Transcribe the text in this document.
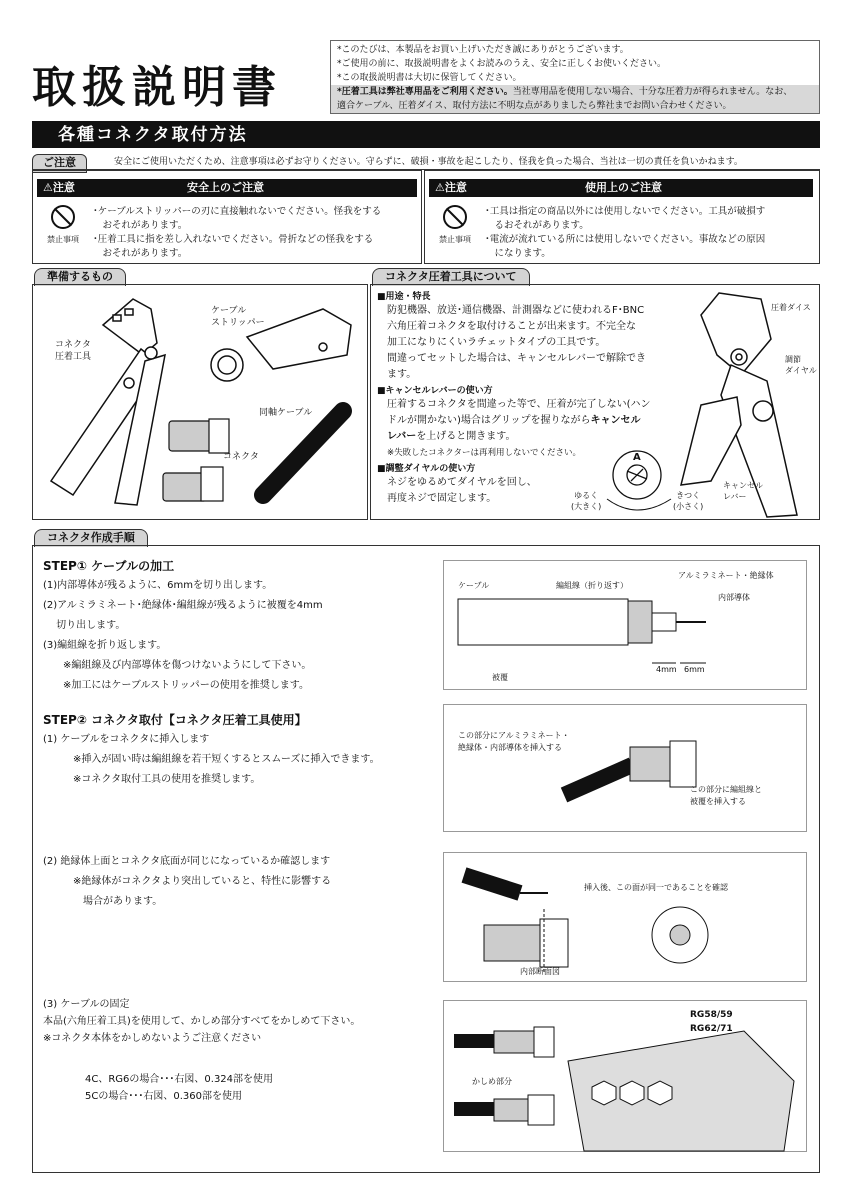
取扱説明書
*このたびは、本製品をお買い上げいただき誠にありがとうございます。
*ご使用の前に、取扱説明書をよくお読みのうえ、安全に正しくお使いください。
*この取扱説明書は大切に保管してください。
*圧着工具は弊社専用品をご利用ください。当社専用品を使用しない場合、十分な圧着力が得られません。なお、
適合ケーブル、圧着ダイス、取付方法に不明な点がありましたら弊社までお問い合わせください。
各種コネクタ取付方法
ご注意	安全にご使用いただくため、注意事項は必ずお守りください。守らずに、破損・事故を起こしたり、怪我を負った場合、当社は一切の責任を負いかねます。
⚠注意	安全上のご注意
禁止事項
･ケーブルストリッパーの刃に直接触れないでください。怪我をする
　おそれがあります。
･圧着工具に指を差し入れないでください。骨折などの怪我をする
　おそれがあります。
⚠注意	使用上のご注意
禁止事項
･工具は指定の商品以外には使用しないでください。工具が破損す
　るおそれがあります。
･電流が流れている所には使用しないでください。事故などの原因
　になります。
準備するもの
コネクタ
圧着工具
ケーブル
ストリッパー
同軸ケーブル
コネクタ
コネクタ圧着工具について
■用途・特長
防犯機器、放送･通信機器、計測器などに使われるF･BNC
六角圧着コネクタを取付けることが出来ます。不完全な
加工になりにくいラチェットタイプの工具です。
間違ってセットした場合は、キャンセルレバーで解除でき
ます。
■キャンセルレバーの使い方
圧着するコネクタを間違った等で、圧着が完了しない(ハン
ドルが開かない)場合はグリップを握りながらキャンセル
レバーを上げると開きます。
※失敗したコネクターは再利用しないでください。
■調整ダイヤルの使い方
ネジをゆるめてダイヤルを回し、
再度ネジで固定します。
圧着ダイス
調節
ダイヤル
キャンセル
レバー
ゆるく
(大きく)
きつく
(小さく)
A
コネクタ作成手順
STEP① ケーブルの加工
(1)内部導体が残るように、6mmを切り出します。
(2)アルミラミネート･絶縁体･編組線が残るように被覆を4mm
　 切り出します。
(3)編組線を折り返します。
　　※編組線及び内部導体を傷つけないようにして下さい。
　　※加工にはケーブルストリッパーの使用を推奨します。
ケーブル	編組線（折り返す）
アルミラミネート・絶縁体
内部導体
被覆
4mm 6mm
STEP② コネクタ取付【コネクタ圧着工具使用】
(1) ケーブルをコネクタに挿入します
　　　※挿入が固い時は編組線を若干短くするとスムーズに挿入できます。
　　　※コネクタ取付工具の使用を推奨します。
この部分にアルミラミネート・
絶縁体・内部導体を挿入する
この部分に編組線と
被覆を挿入する
(2) 絶縁体上面とコネクタ底面が同じになっているか確認します
　　　※絶縁体がコネクタより突出していると、特性に影響する
　　　　場合があります。
挿入後、この面が同一であることを確認
内部断面図
(3) ケーブルの固定
本品(六角圧着工具)を使用して、かしめ部分すべてをかしめて下さい。
※コネクタ本体をかしめないようご注意ください
4C、RG6の場合･･･右図、0.324部を使用
5Cの場合･･･右図、0.360部を使用
RG58/59
RG62/71
かしめ部分
